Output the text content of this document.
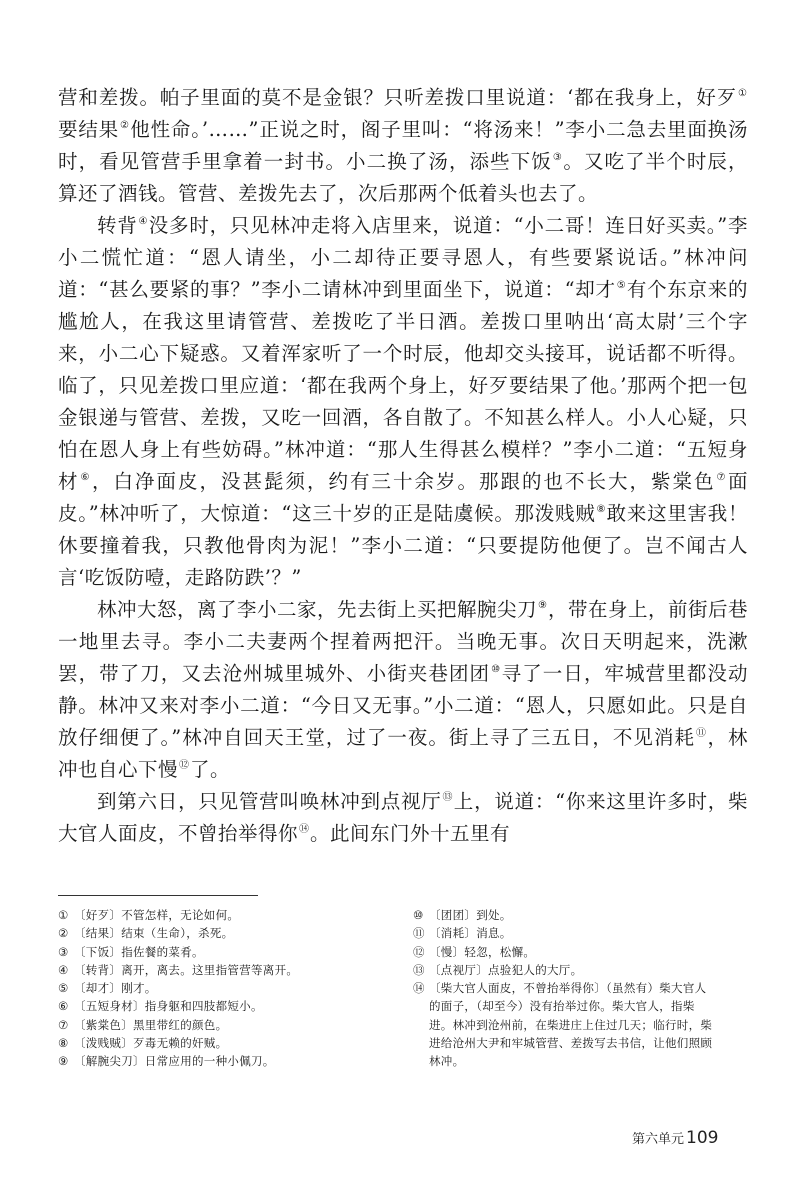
营和差拨。帕子里面的莫不是金银？只听差拨口里说道：‘都在我身上，好歹①要结果②他性命。’……”正说之时，阁子里叫：“将汤来！”李小二急去里面换汤时，看见管营手里拿着一封书。小二换了汤，添些下饭③。又吃了半个时辰，算还了酒钱。管营、差拨先去了，次后那两个低着头也去了。

转背④没多时，只见林冲走将入店里来，说道：“小二哥！连日好买卖。”李小二慌忙道：“恩人请坐，小二却待正要寻恩人，有些要紧说话。”林冲问道：“甚么要紧的事？”李小二请林冲到里面坐下，说道：“却才⑤有个东京来的尴尬人，在我这里请管营、差拨吃了半日酒。差拨口里呐出‘高太尉’三个字来，小二心下疑惑。又着浑家听了一个时辰，他却交头接耳，说话都不听得。临了，只见差拨口里应道：‘都在我两个身上，好歹要结果了他。’那两个把一包金银递与管营、差拨，又吃一回酒，各自散了。不知甚么样人。小人心疑，只怕在恩人身上有些妨碍。”林冲道：“那人生得甚么模样？”李小二道：“五短身材⑥，白净面皮，没甚髭须，约有三十余岁。那跟的也不长大，紫棠色⑦面皮。”林冲听了，大惊道：“这三十岁的正是陆虞候。那泼贱贼⑧敢来这里害我！休要撞着我，只教他骨肉为泥！”李小二道：“只要提防他便了。岂不闻古人言‘吃饭防噎，走路防跌’？”

林冲大怒，离了李小二家，先去街上买把解腕尖刀⑨，带在身上，前街后巷一地里去寻。李小二夫妻两个捏着两把汗。当晚无事。次日天明起来，洗漱罢，带了刀，又去沧州城里城外、小街夹巷团团⑩寻了一日，牢城营里都没动静。林冲又来对李小二道：“今日又无事。”小二道：“恩人，只愿如此。只是自放仔细便了。”林冲自回天王堂，过了一夜。街上寻了三五日，不见消耗⑪，林冲也自心下慢⑫了。

到第六日，只见管营叫唤林冲到点视厅⑬上，说道：“你来这里许多时，柴大官人面皮，不曾抬举得你⑭。此间东门外十五里有

① 〔好歹〕不管怎样，无论如何。
② 〔结果〕结束（生命），杀死。
③ 〔下饭〕指佐餐的菜肴。
④ 〔转背〕离开，离去。这里指管营等离开。
⑤ 〔却才〕刚才。
⑥ 〔五短身材〕指身躯和四肢都短小。
⑦ 〔紫棠色〕黑里带红的颜色。
⑧ 〔泼贱贼〕歹毒无赖的奸贼。
⑨ 〔解腕尖刀〕日常应用的一种小佩刀。
⑩ 〔团团〕到处。
⑪ 〔消耗〕消息。
⑫ 〔慢〕轻忽，松懈。
⑬ 〔点视厅〕点验犯人的大厅。
⑭ 〔柴大官人面皮，不曾抬举得你〕（虽然有）柴大官人的面子，（却至今）没有抬举过你。柴大官人，指柴进。林冲到沧州前，在柴进庄上住过几天；临行时，柴进给沧州大尹和牢城管营、差拨写去书信，让他们照顾林冲。
第六单元 109
